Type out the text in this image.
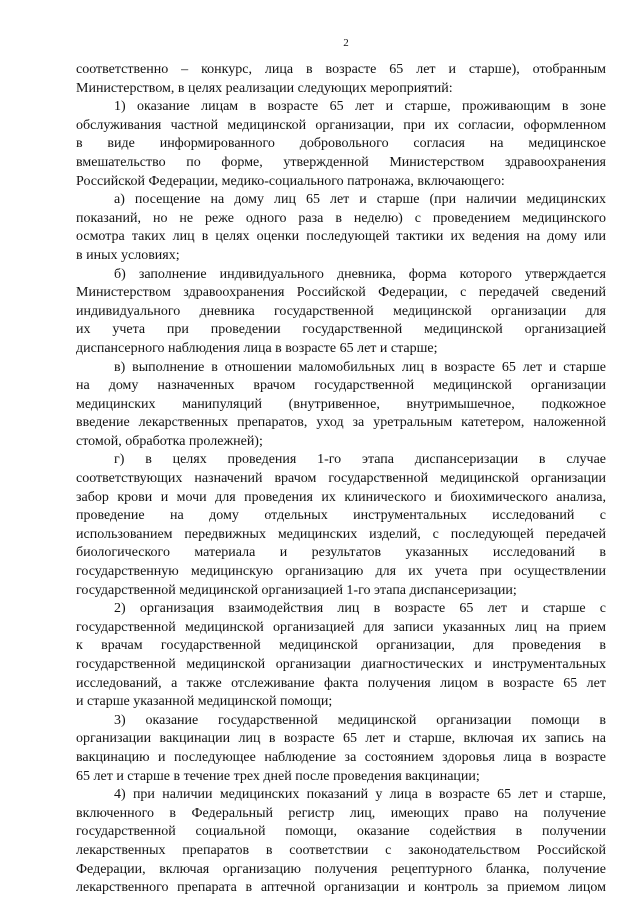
2

соответственно – конкурс, лица в возрасте 65 лет и старше), отобранным
Министерством, в целях реализации следующих мероприятий:

1) оказание лицам в возрасте 65 лет и старше, проживающим в зоне
обслуживания частной медицинской организации, при их согласии, оформленном
в виде информированного добровольного согласия на медицинское
вмешательство по форме, утвержденной Министерством здравоохранения
Российской Федерации, медико-социального патронажа, включающего:

а) посещение на дому лиц 65 лет и старше (при наличии медицинских
показаний, но не реже одного раза в неделю) с проведением медицинского
осмотра таких лиц в целях оценки последующей тактики их ведения на дому или
в иных условиях;

б) заполнение индивидуального дневника, форма которого утверждается
Министерством здравоохранения Российской Федерации, с передачей сведений
индивидуального дневника государственной медицинской организации для
их учета при проведении государственной медицинской организацией
диспансерного наблюдения лица в возрасте 65 лет и старше;

в) выполнение в отношении маломобильных лиц в возрасте 65 лет и старше
на дому назначенных врачом государственной медицинской организации
медицинских манипуляций (внутривенное, внутримышечное, подкожное
введение лекарственных препаратов, уход за уретральным катетером, наложенной
стомой, обработка пролежней);

г) в целях проведения 1-го этапа диспансеризации в случае
соответствующих назначений врачом государственной медицинской организации
забор крови и мочи для проведения их клинического и биохимического анализа,
проведение на дому отдельных инструментальных исследований с
использованием передвижных медицинских изделий, с последующей передачей
биологического материала и результатов указанных исследований в
государственную медицинскую организацию для их учета при осуществлении
государственной медицинской организацией 1-го этапа диспансеризации;

2) организация взаимодействия лиц в возрасте 65 лет и старше с
государственной медицинской организацией для записи указанных лиц на прием
к врачам государственной медицинской организации, для проведения в
государственной медицинской организации диагностических и инструментальных
исследований, а также отслеживание факта получения лицом в возрасте 65 лет
и старше указанной медицинской помощи;

3) оказание государственной медицинской организации помощи в
организации вакцинации лиц в возрасте 65 лет и старше, включая их запись на
вакцинацию и последующее наблюдение за состоянием здоровья лица в возрасте
65 лет и старше в течение трех дней после проведения вакцинации;

4) при наличии медицинских показаний у лица в возрасте 65 лет и старше,
включенного в Федеральный регистр лиц, имеющих право на получение
государственной социальной помощи, оказание содействия в получении
лекарственных препаратов в соответствии с законодательством Российской
Федерации, включая организацию получения рецептурного бланка, получение
лекарственного препарата в аптечной организации и контроль за приемом лицом
